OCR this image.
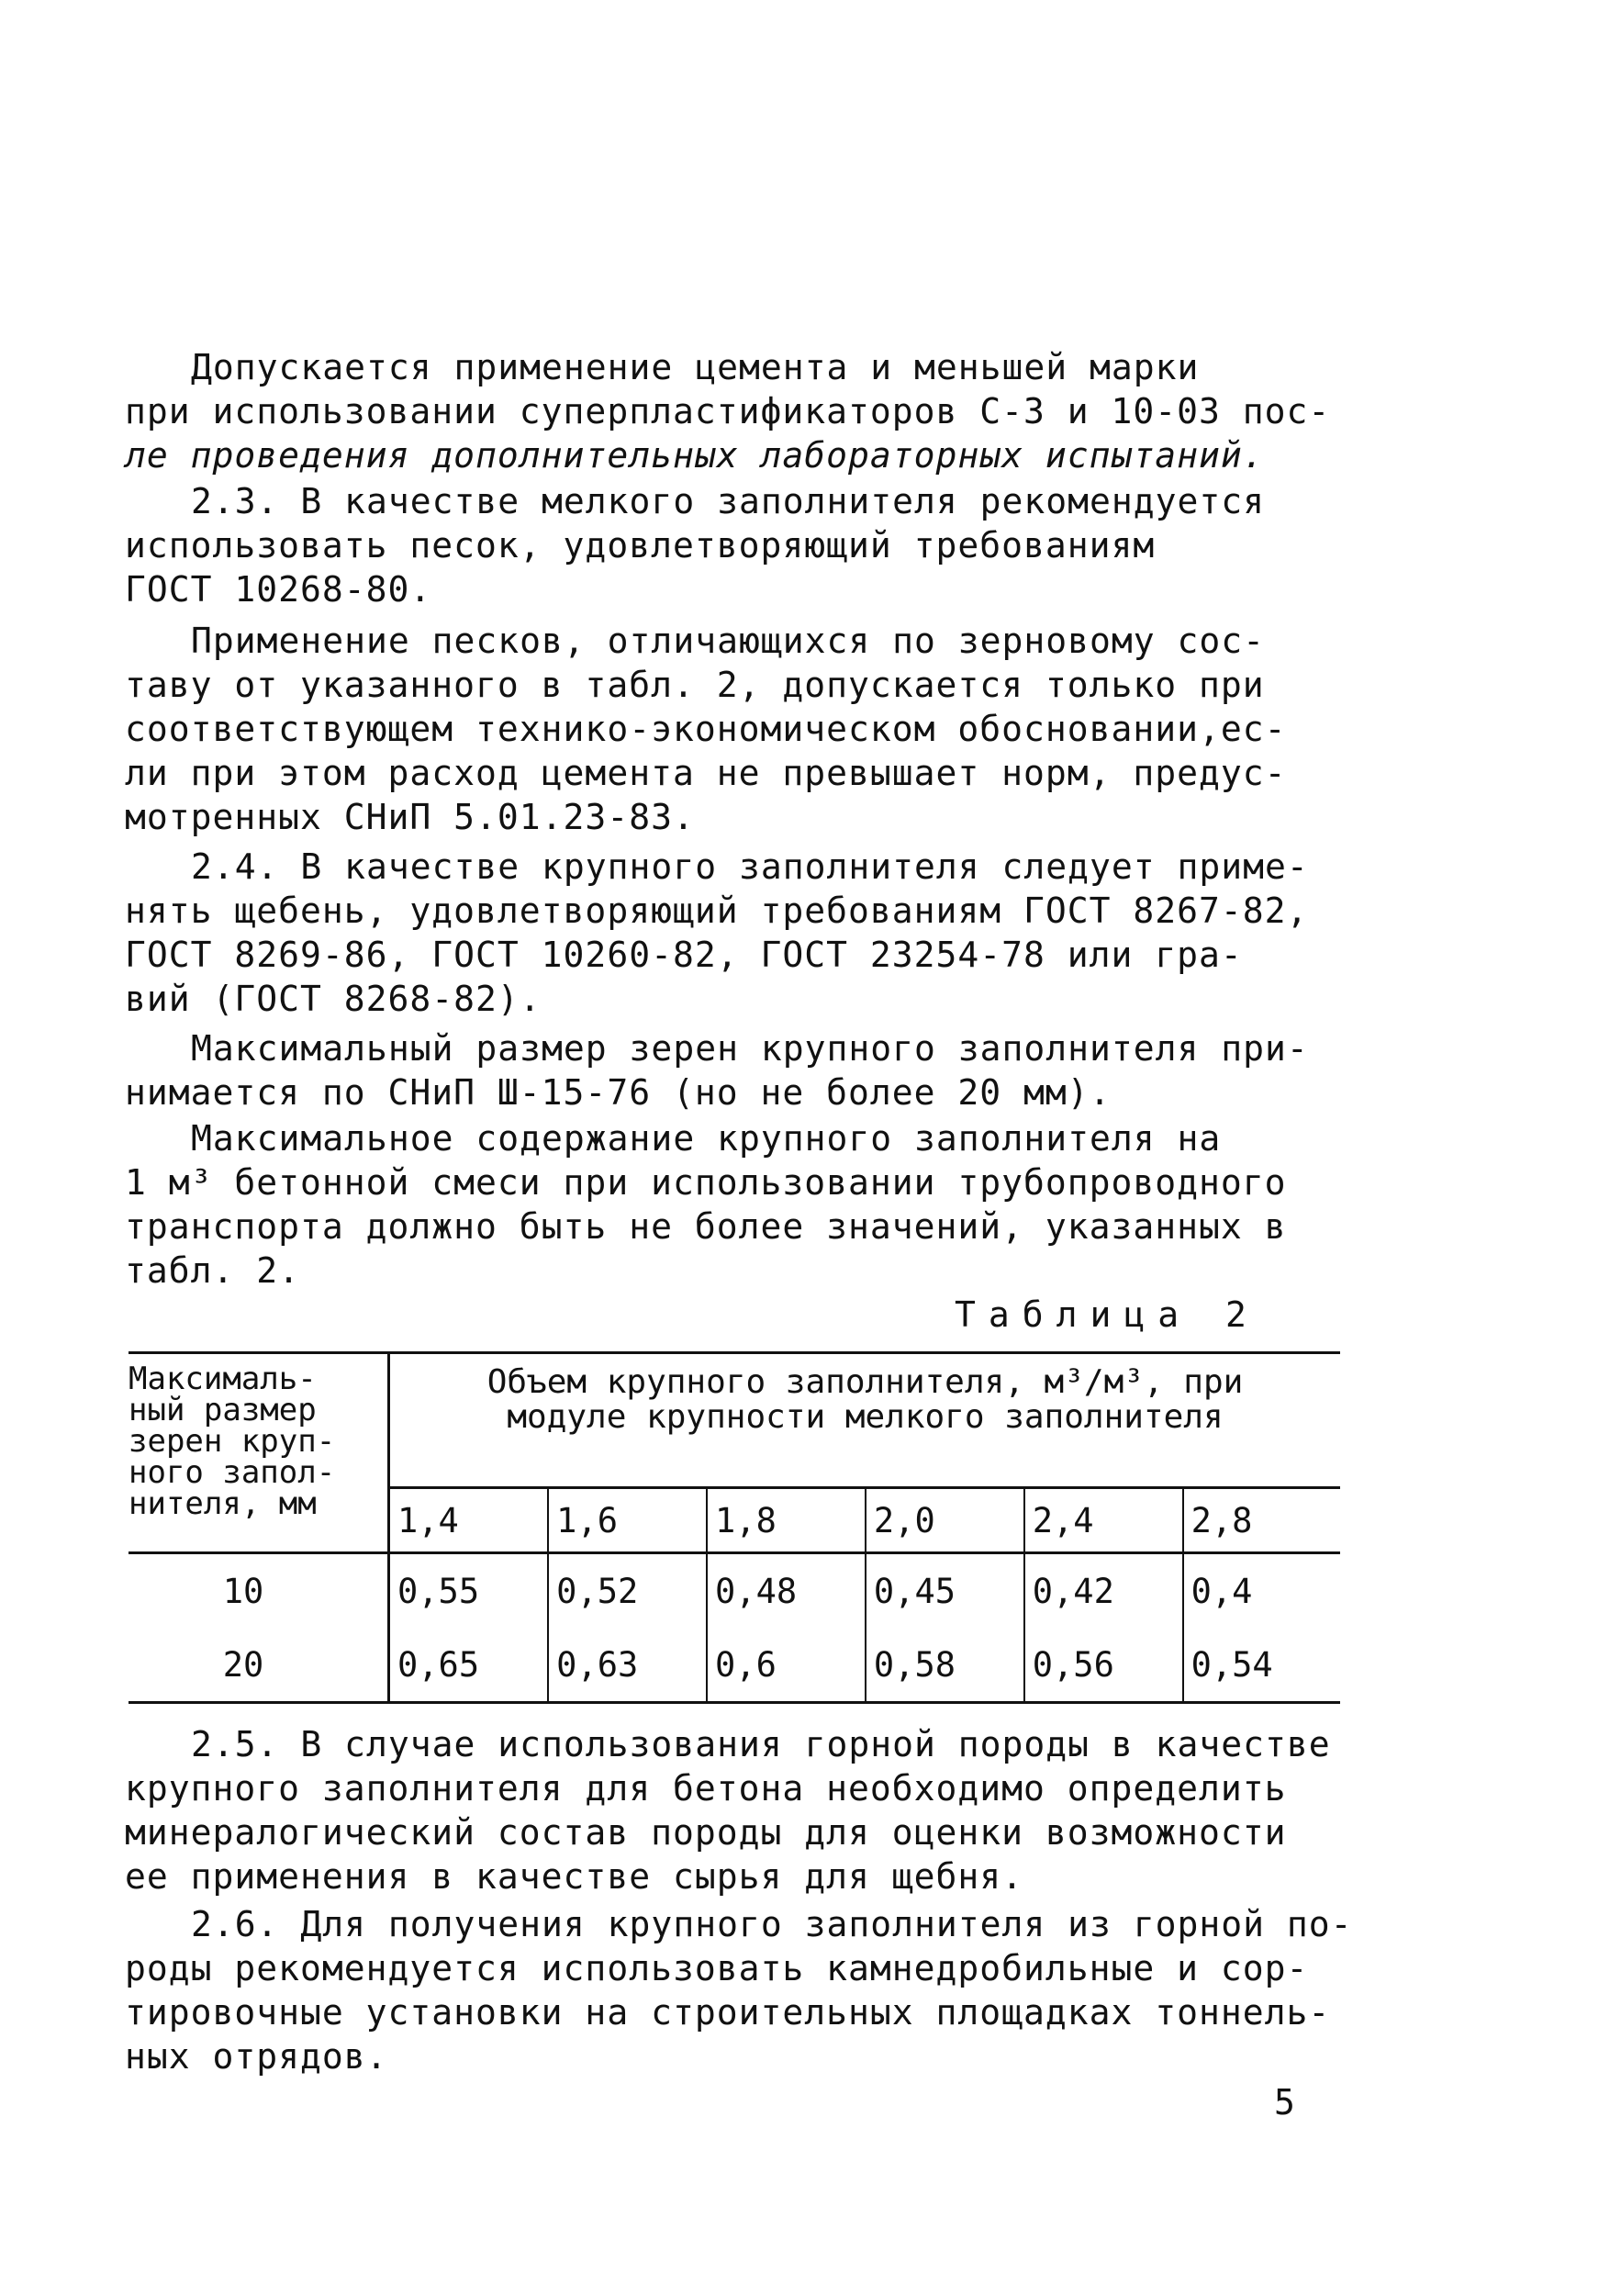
Допускается применение цемента и меньшей марки
при использовании суперпластификаторов С-3 и 10-03 пос-
ле проведения дополнительных лабораторных испытаний.

2.3. В качестве мелкого заполнителя рекомендуется
использовать песок, удовлетворяющий требованиям
ГОСТ 10268-80.

Применение песков, отличающихся по зерновому сос-
таву от указанного в табл. 2, допускается только при
соответствующем технико-экономическом обосновании,ес-
ли при этом расход цемента не превышает норм, предус-
мотренных СНиП 5.01.23-83.

2.4. В качестве крупного заполнителя следует приме-
нять щебень, удовлетворяющий требованиям ГОСТ 8267-82,
ГОСТ 8269-86, ГОСТ 10260-82, ГОСТ 23254-78 или гра-
вий (ГОСТ 8268-82).

Максимальный размер зерен крупного заполнителя при-
нимается по СНиП Ш-15-76 (но не более 20 мм).

Максимальное содержание крупного заполнителя на
1 м³ бетонной смеси при использовании трубопроводного
транспорта должно быть не более значений, указанных в
табл. 2.

Таблица 2

Максималь-
ный размер
зерен круп-
ного запол-
нителя, мм	Объем крупного заполнителя, м³/м³, при
модуле крупности мелкого заполнителя					

	1,4	1,6	1,8	2,0	2,4	2,8
10	0,55	0,52	0,48	0,45	0,42	0,4
20	0,65	0,63	0,6	0,58	0,56	0,54

2.5. В случае использования горной породы в качестве
крупного заполнителя для бетона необходимо определить
минералогический состав породы для оценки возможности
ее применения в качестве сырья для щебня.

2.6. Для получения крупного заполнителя из горной по-
роды рекомендуется использовать камнедробильные и сор-
тировочные установки на строительных площадках тоннель-
ных отрядов.

5
